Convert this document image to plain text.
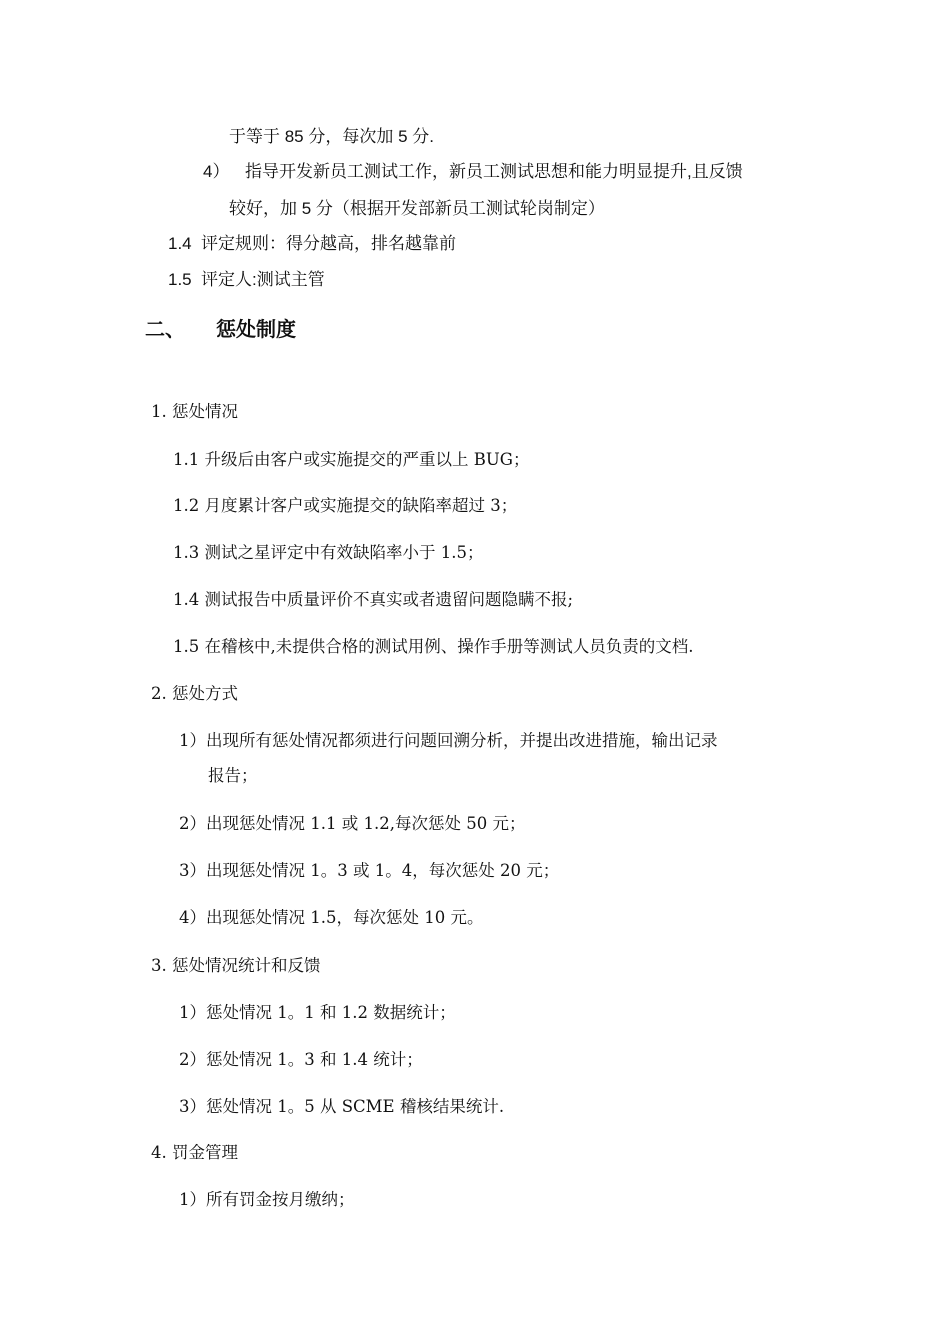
于等于 85 分，每次加 5 分.
4） 指导开发新员工测试工作，新员工测试思想和能力明显提升,且反馈
较好，加 5 分（根据开发部新员工测试轮岗制定）
1.4 评定规则：得分越高，排名越靠前
1.5 评定人:测试主管
二、 惩处制度
1. 惩处情况
1.1 升级后由客户或实施提交的严重以上 BUG；
1.2 月度累计客户或实施提交的缺陷率超过 3；
1.3 测试之星评定中有效缺陷率小于 1.5；
1.4 测试报告中质量评价不真实或者遗留问题隐瞒不报;
1.5 在稽核中,未提供合格的测试用例、操作手册等测试人员负责的文档.
2. 惩处方式
1）出现所有惩处情况都须进行问题回溯分析，并提出改进措施，输出记录
报告；
2）出现惩处情况 1.1 或 1.2,每次惩处 50 元；
3）出现惩处情况 1。3 或 1。4，每次惩处 20 元；
4）出现惩处情况 1.5，每次惩处 10 元。
3. 惩处情况统计和反馈
1）惩处情况 1。1 和 1.2 数据统计；
2）惩处情况 1。3 和 1.4 统计；
3）惩处情况 1。5 从 SCME 稽核结果统计.
4. 罚金管理
1）所有罚金按月缴纳；
